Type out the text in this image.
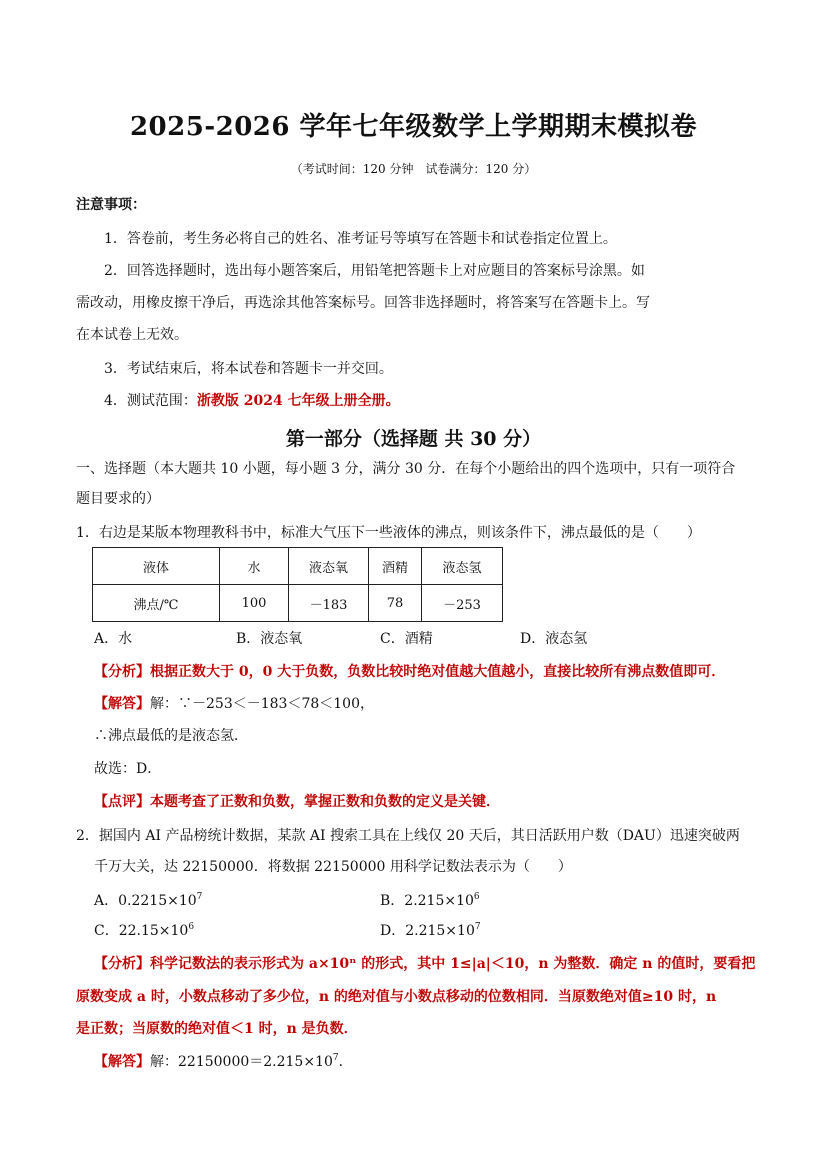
2025-2026 学年七年级数学上学期期末模拟卷
（考试时间：120 分钟　试卷满分：120 分）
注意事项：
1．答卷前，考生务必将自己的姓名、准考证号等填写在答题卡和试卷指定位置上。
2．回答选择题时，选出每小题答案后，用铅笔把答题卡上对应题目的答案标号涂黑。如
需改动，用橡皮擦干净后，再选涂其他答案标号。回答非选择题时，将答案写在答题卡上。写
在本试卷上无效。
3．考试结束后，将本试卷和答题卡一并交回。
4．测试范围：浙教版 2024 七年级上册全册。
第一部分（选择题 共 30 分）
一、选择题（本大题共 10 小题，每小题 3 分，满分 30 分．在每个小题给出的四个选项中，只有一项符合
题目要求的）
1．右边是某版本物理教科书中，标准大气压下一些液体的沸点，则该条件下，沸点最低的是（　　）
液体	水	液态氧	酒精	液态氢
沸点/℃	100	－183	78	－253
A．水	B．液态氧	C．酒精	D．液态氢
【分析】根据正数大于 0，0 大于负数，负数比较时绝对值越大值越小，直接比较所有沸点数值即可．
【解答】解：∵－253＜－183＜78＜100，
∴沸点最低的是液态氢．
故选：D．
【点评】本题考查了正数和负数，掌握正数和负数的定义是关键．
2．据国内 AI 产品榜统计数据，某款 AI 搜索工具在上线仅 20 天后，其日活跃用户数（DAU）迅速突破两
千万大关，达 22150000．将数据 22150000 用科学记数法表示为（　　）
A．$0.2215\times 10^7$	B．$2.215\times 10^6$
C．$22.15\times 10^6$	D．$2.215\times 10^7$
【分析】科学记数法的表示形式为 a×10ⁿ 的形式，其中 1≤|a|＜10，n 为整数．确定 n 的值时，要看把
原数变成 a 时，小数点移动了多少位，n 的绝对值与小数点移动的位数相同．当原数绝对值≥10 时，n
是正数；当原数的绝对值＜1 时，n 是负数．
【解答】解：$22150000=2.215\times 10^7$．
